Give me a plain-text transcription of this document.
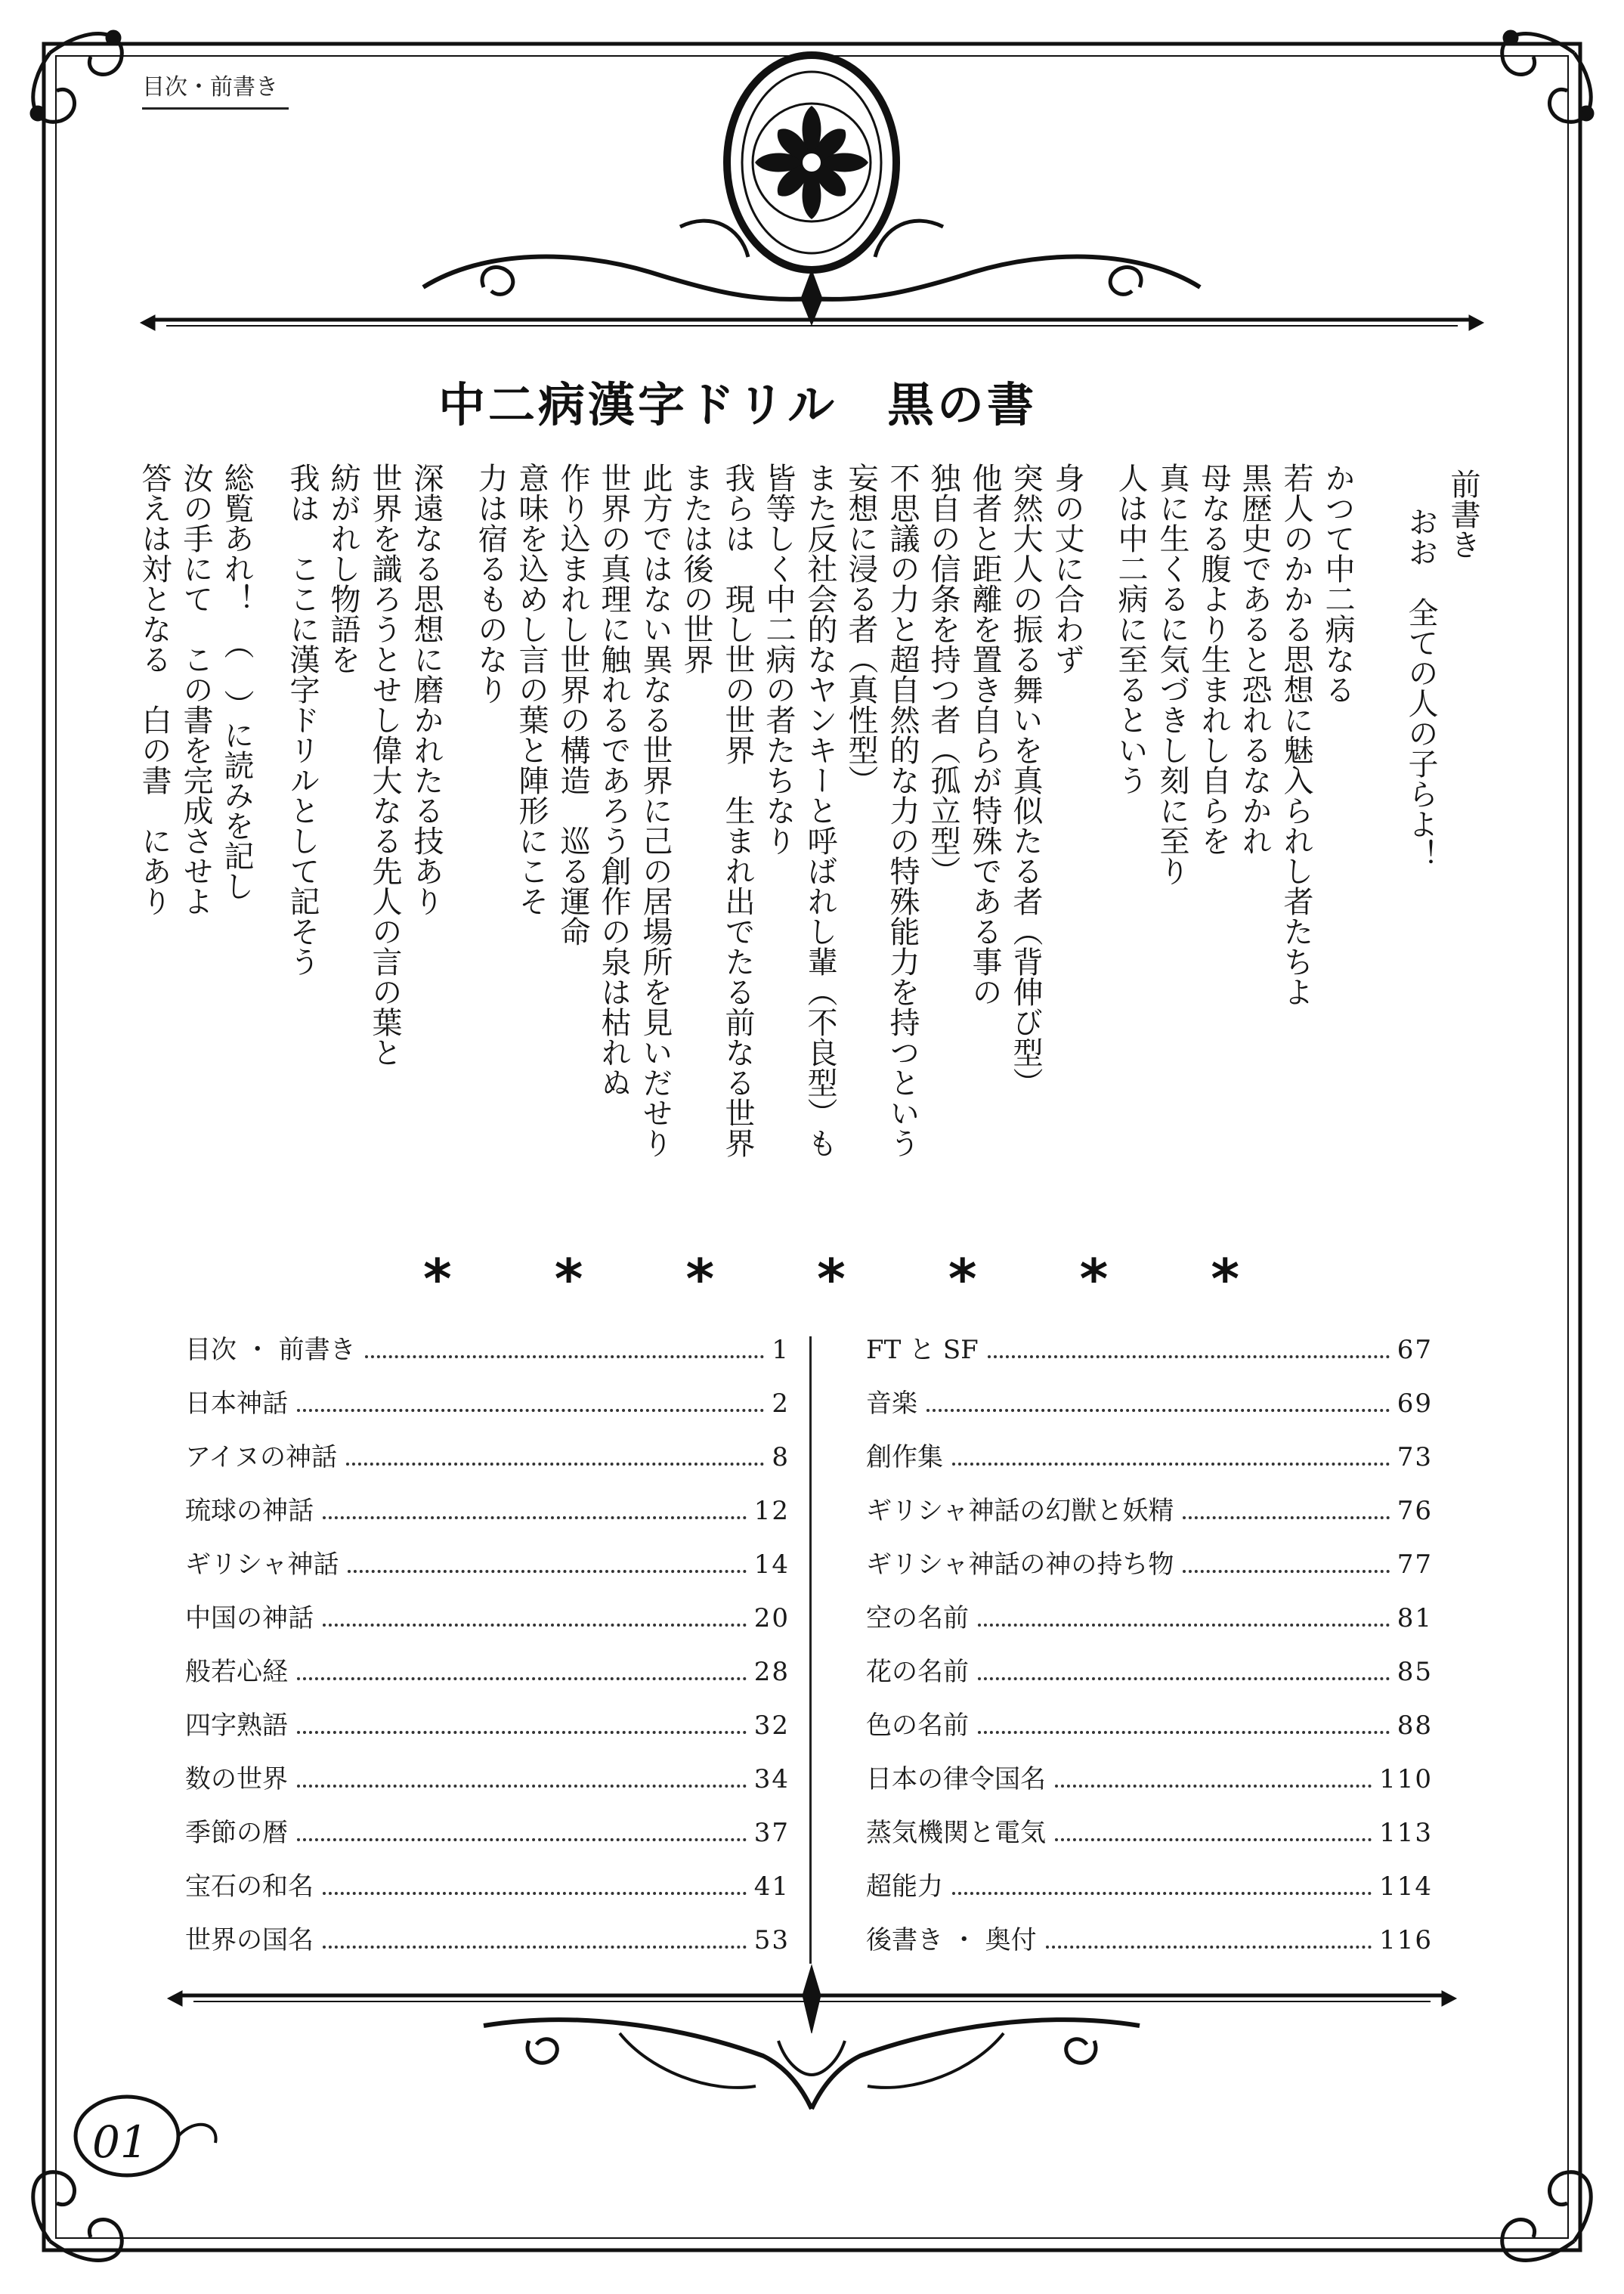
目次・前書き
中二病漢字ドリル　黒の書
前書き
おお　全ての人の子らよ！
かつて中二病なる
若人のかかる思想に魅入られし者たちよ
黒歴史であると恐れるなかれ
母なる腹より生まれし自らを
真に生くるに気づきし刻に至り
人は中二病に至るという
身の丈に合わず
突然大人の振る舞いを真似たる者（背伸び型）
他者と距離を置き自らが特殊である事の
独自の信条を持つ者（孤立型）
不思議の力と超自然的な力の特殊能力を持つという
妄想に浸る者（真性型）
また反社会的なヤンキーと呼ばれし輩（不良型）も
皆等しく中二病の者たちなり
我らは　現し世の世界　生まれ出でたる前なる世界
または後の世界
此方ではない異なる世界に己の居場所を見いだせり
世界の真理に触れるであろう創作の泉は枯れぬ
作り込まれし世界の構造　巡る運命
意味を込めし言の葉と陣形にこそ
力は宿るものなり
深遠なる思想に磨かれたる技あり
世界を識ろうとせし偉大なる先人の言の葉と
紡がれし物語を
我は　ここに漢字ドリルとして記そう
総覧あれ！　（　）に読みを記し
汝の手にて　この書を完成させよ
答えは対となる　白の書　にあり
* * * * * * *
目次 ・ 前書き	1
日本神話	2
アイヌの神話	8
琉球の神話	12
ギリシャ神話	14
中国の神話	20
般若心経	28
四字熟語	32
数の世界	34
季節の暦	37
宝石の和名	41
世界の国名	53
FT と SF	67
音楽	69
創作集	73
ギリシャ神話の幻獣と妖精	76
ギリシャ神話の神の持ち物	77
空の名前	81
花の名前	85
色の名前	88
日本の律令国名	110
蒸気機関と電気	113
超能力	114
後書き ・ 奥付	116
01
